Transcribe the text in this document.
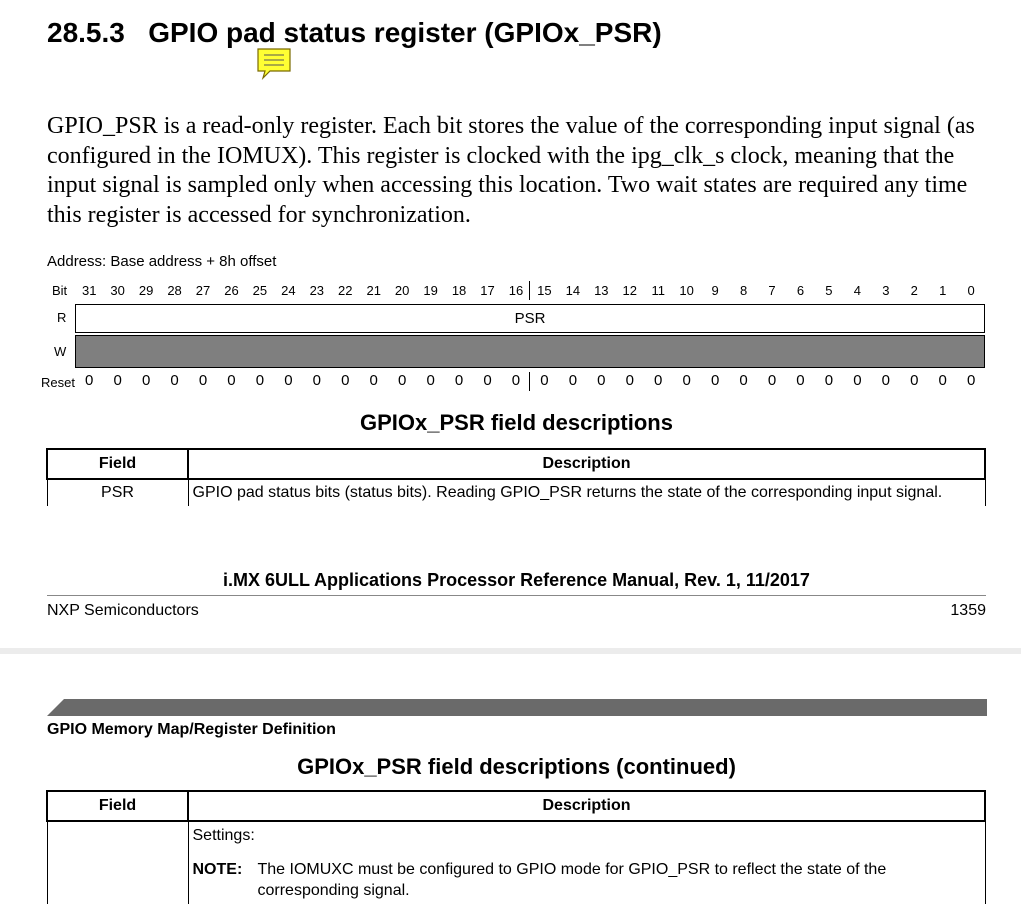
28.5.3 GPIO pad status register (GPIOx_PSR)

GPIO_PSR is a read-only register. Each bit stores the value of the corresponding input signal (as configured in the IOMUX). This register is clocked with the ipg_clk_s clock, meaning that the input signal is sampled only when accessing this location. Two wait states are required any time this register is accessed for synchronization.

Address: Base address + 8h offset
Bit	31	30	29	28	27	26	25	24	23	22	21	20	19	18	17	16	15	14	13	12	11	10	9	8	7	6	5	4	3	2	1	0
R	PSR
W
Reset 0	0	0	0	0	0	0	0	0	0	0	0	0	0	0	0	0	0	0	0	0	0	0	0	0	0	0	0	0	0	0	0
GPIOx_PSR field descriptions
Field	Description
PSR	GPIO pad status bits (status bits). Reading GPIO_PSR returns the state of the corresponding input signal.
i.MX 6ULL Applications Processor Reference Manual, Rev. 1, 11/2017
NXP Semiconductors	1359
GPIO Memory Map/Register Definition
GPIOx_PSR field descriptions (continued)
Field	Description

	Settings:
NOTE: The IOMUXC must be configured to GPIO mode for GPIO_PSR to reflect the state of the corresponding signal.
